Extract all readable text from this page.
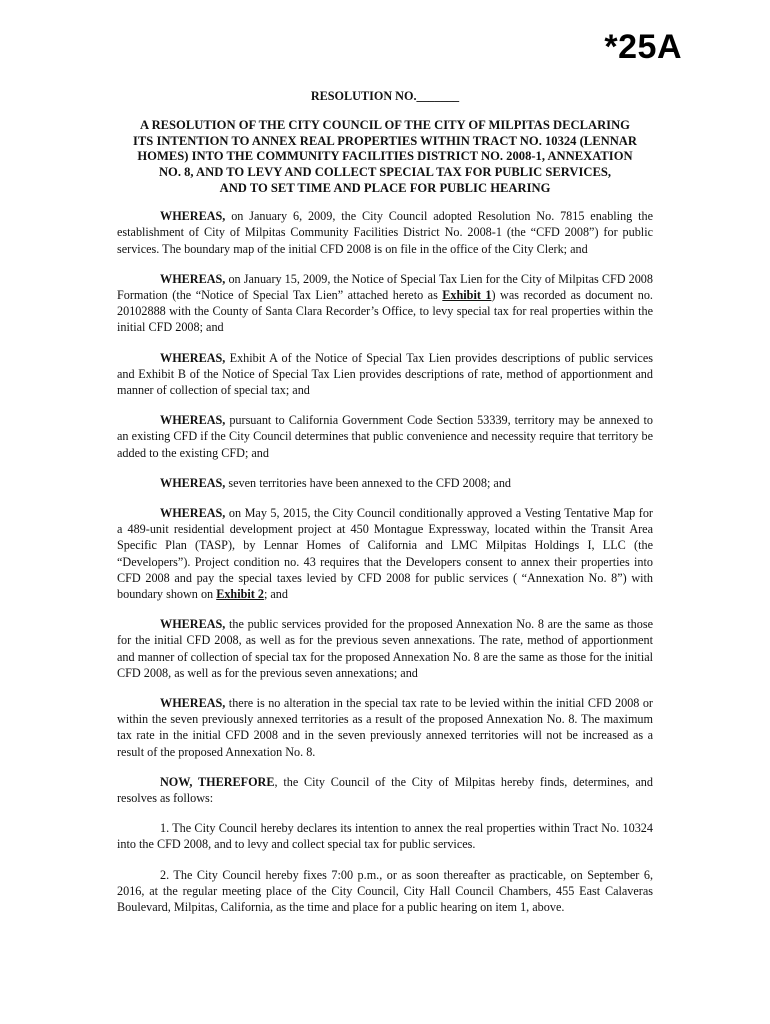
*25A
RESOLUTION NO._______
A RESOLUTION OF THE CITY COUNCIL OF THE CITY OF MILPITAS DECLARING
ITS INTENTION TO ANNEX REAL PROPERTIES WITHIN TRACT NO. 10324 (LENNAR
HOMES) INTO THE COMMUNITY FACILITIES DISTRICT NO. 2008-1, ANNEXATION
NO. 8, AND TO LEVY AND COLLECT SPECIAL TAX FOR PUBLIC SERVICES,
AND TO SET TIME AND PLACE FOR PUBLIC HEARING

WHEREAS, on January 6, 2009, the City Council adopted Resolution No. 7815 enabling the establishment of City of Milpitas Community Facilities District No. 2008-1 (the “CFD 2008”) for public services. The boundary map of the initial CFD 2008 is on file in the office of the City Clerk; and

WHEREAS, on January 15, 2009, the Notice of Special Tax Lien for the City of Milpitas CFD 2008 Formation (the “Notice of Special Tax Lien” attached hereto as Exhibit 1) was recorded as document no. 20102888 with the County of Santa Clara Recorder’s Office, to levy special tax for real properties within the initial CFD 2008; and

WHEREAS, Exhibit A of the Notice of Special Tax Lien provides descriptions of public services and Exhibit B of the Notice of Special Tax Lien provides descriptions of rate, method of apportionment and manner of collection of special tax; and

WHEREAS, pursuant to California Government Code Section 53339, territory may be annexed to an existing CFD if the City Council determines that public convenience and necessity require that territory be added to the existing CFD; and

WHEREAS, seven territories have been annexed to the CFD 2008; and

WHEREAS, on May 5, 2015, the City Council conditionally approved a Vesting Tentative Map for a 489-unit residential development project at 450 Montague Expressway, located within the Transit Area Specific Plan (TASP), by Lennar Homes of California and LMC Milpitas Holdings I, LLC (the “Developers”). Project condition no. 43 requires that the Developers consent to annex their properties into CFD 2008 and pay the special taxes levied by CFD 2008 for public services ( “Annexation No. 8”) with boundary shown on Exhibit 2; and

WHEREAS, the public services provided for the proposed Annexation No. 8 are the same as those for the initial CFD 2008, as well as for the previous seven annexations. The rate, method of apportionment and manner of collection of special tax for the proposed Annexation No. 8 are the same as those for the initial CFD 2008, as well as for the previous seven annexations; and

WHEREAS, there is no alteration in the special tax rate to be levied within the initial CFD 2008 or within the seven previously annexed territories as a result of the proposed Annexation No. 8. The maximum tax rate in the initial CFD 2008 and in the seven previously annexed territories will not be increased as a result of the proposed Annexation No. 8.

NOW, THEREFORE, the City Council of the City of Milpitas hereby finds, determines, and resolves as follows:

1. The City Council hereby declares its intention to annex the real properties within Tract No. 10324 into the CFD 2008, and to levy and collect special tax for public services.

2. The City Council hereby fixes 7:00 p.m., or as soon thereafter as practicable, on September 6, 2016, at the regular meeting place of the City Council, City Hall Council Chambers, 455 East Calaveras Boulevard, Milpitas, California, as the time and place for a public hearing on item 1, above.
